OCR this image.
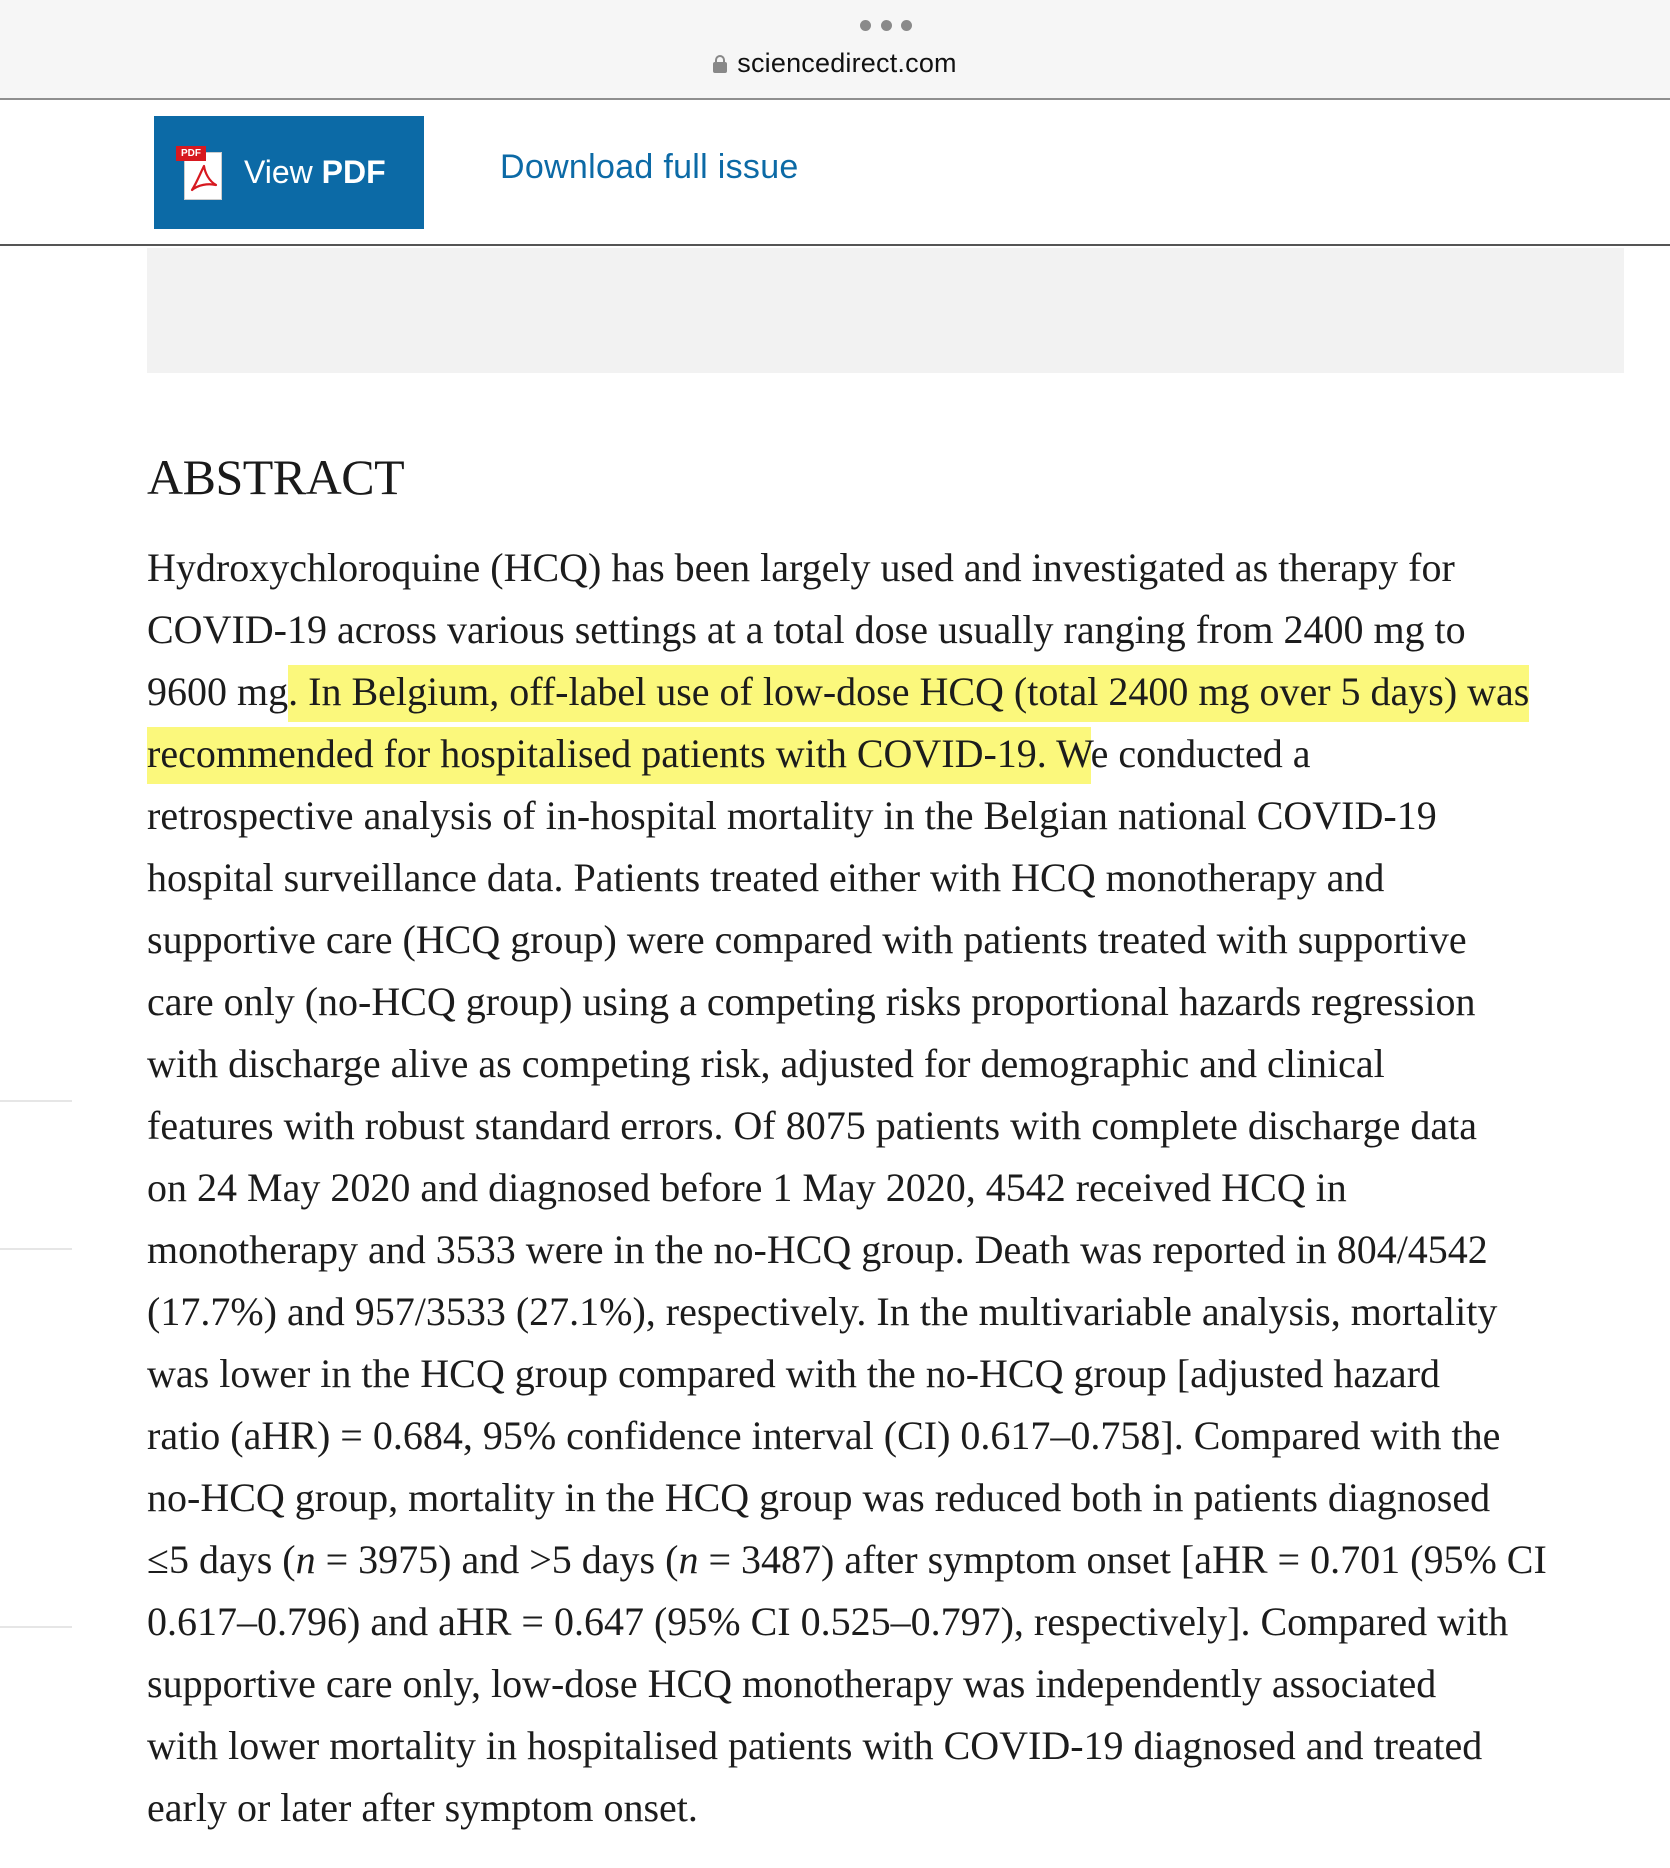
sciencedirect.com
PDF
View PDF	Download full issue
ABSTRACT
Hydroxychloroquine (HCQ) has been largely used and investigated as therapy for
COVID-19 across various settings at a total dose usually ranging from 2400 mg to
9600 mg. In Belgium, off-label use of low-dose HCQ (total 2400 mg over 5 days) was
recommended for hospitalised patients with COVID-19. We conducted a
retrospective analysis of in-hospital mortality in the Belgian national COVID-19
hospital surveillance data. Patients treated either with HCQ monotherapy and
supportive care (HCQ group) were compared with patients treated with supportive
care only (no-HCQ group) using a competing risks proportional hazards regression
with discharge alive as competing risk, adjusted for demographic and clinical
features with robust standard errors. Of 8075 patients with complete discharge data
on 24 May 2020 and diagnosed before 1 May 2020, 4542 received HCQ in
monotherapy and 3533 were in the no-HCQ group. Death was reported in 804/4542
(17.7%) and 957/3533 (27.1%), respectively. In the multivariable analysis, mortality
was lower in the HCQ group compared with the no-HCQ group [adjusted hazard
ratio (aHR) = 0.684, 95% confidence interval (CI) 0.617–0.758]. Compared with the
no-HCQ group, mortality in the HCQ group was reduced both in patients diagnosed
≤5 days (n = 3975) and >5 days (n = 3487) after symptom onset [aHR = 0.701 (95% CI
0.617–0.796) and aHR = 0.647 (95% CI 0.525–0.797), respectively]. Compared with
supportive care only, low-dose HCQ monotherapy was independently associated
with lower mortality in hospitalised patients with COVID-19 diagnosed and treated
early or later after symptom onset.
